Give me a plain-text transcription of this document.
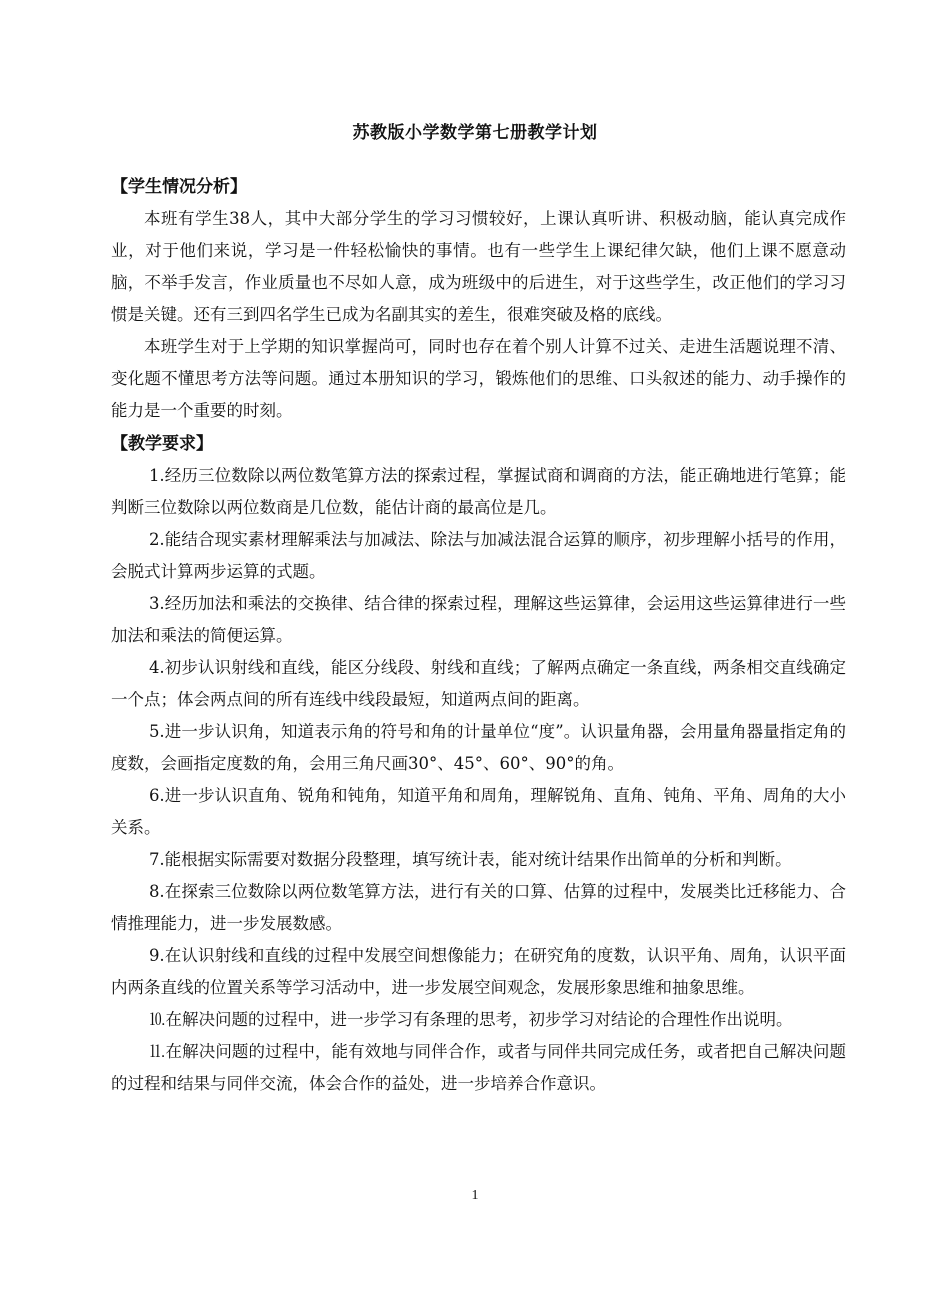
苏教版小学数学第七册教学计划

【学生情况分析】

本班有学生38人，其中大部分学生的学习习惯较好，上课认真听讲、积极动脑，能认真完成作业，对于他们来说，学习是一件轻松愉快的事情。也有一些学生上课纪律欠缺，他们上课不愿意动脑，不举手发言，作业质量也不尽如人意，成为班级中的后进生，对于这些学生，改正他们的学习习惯是关键。还有三到四名学生已成为名副其实的差生，很难突破及格的底线。

本班学生对于上学期的知识掌握尚可，同时也存在着个别人计算不过关、走进生活题说理不清、变化题不懂思考方法等问题。通过本册知识的学习，锻炼他们的思维、口头叙述的能力、动手操作的能力是一个重要的时刻。

【教学要求】

1.经历三位数除以两位数笔算方法的探索过程，掌握试商和调商的方法，能正确地进行笔算；能判断三位数除以两位数商是几位数，能估计商的最高位是几。

2.能结合现实素材理解乘法与加减法、除法与加减法混合运算的顺序，初步理解小括号的作用，会脱式计算两步运算的式题。

3.经历加法和乘法的交换律、结合律的探索过程，理解这些运算律，会运用这些运算律进行一些加法和乘法的简便运算。

4.初步认识射线和直线，能区分线段、射线和直线；了解两点确定一条直线，两条相交直线确定一个点；体会两点间的所有连线中线段最短，知道两点间的距离。

5.进一步认识角，知道表示角的符号和角的计量单位“度”。认识量角器，会用量角器量指定角的度数，会画指定度数的角，会用三角尺画30°、45°、60°、90°的角。

6.进一步认识直角、锐角和钝角，知道平角和周角，理解锐角、直角、钝角、平角、周角的大小关系。

7.能根据实际需要对数据分段整理，填写统计表，能对统计结果作出简单的分析和判断。

8.在探索三位数除以两位数笔算方法，进行有关的口算、估算的过程中，发展类比迁移能力、合情推理能力，进一步发展数感。

9.在认识射线和直线的过程中发展空间想像能力；在研究角的度数，认识平角、周角，认识平面内两条直线的位置关系等学习活动中，进一步发展空间观念，发展形象思维和抽象思维。

⒑在解决问题的过程中，进一步学习有条理的思考，初步学习对结论的合理性作出说明。

⒒在解决问题的过程中，能有效地与同伴合作，或者与同伴共同完成任务，或者把自己解决问题的过程和结果与同伴交流，体会合作的益处，进一步培养合作意识。

1
